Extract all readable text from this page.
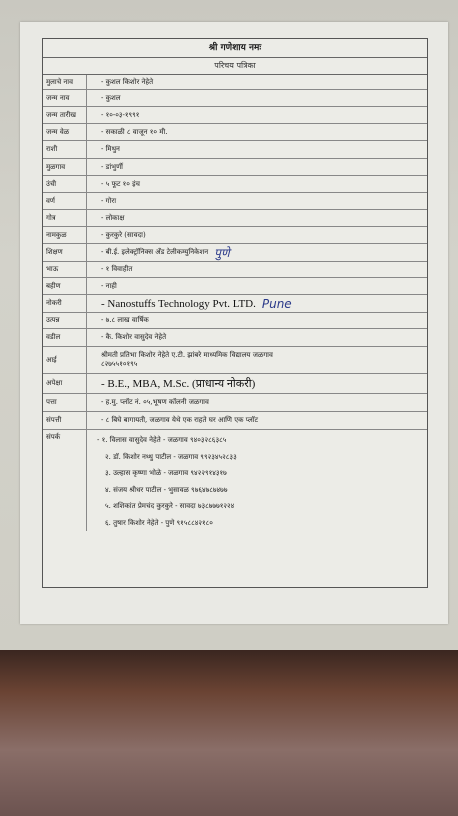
श्री गणेशाय नमः
परिचय पत्रिका
मुलाचे नाव	- कुशल किशोर नेहेते
जन्म नाव	- कुशल
जन्म तारीख	- १०-०३-१९९१
जन्म वेळ	- सकाळी ८ वाजून १० मी.
राशी	- मिथुन
मुळगाव	- डांभुर्णी
उंची	- ५ फूट १० इंच
वर्ण	- गोरा
गोत्र	- लोकाक्ष
नामकुळ	- कुरकुरे (सावदा)
शिक्षण	- बी.ई. इलेक्ट्रॉनिक्स अँड टेलीकम्युनिकेशन पुणे
भाऊ	- १ विवाहीत
बहीण	- नाही
नोकरी	- Nanostuffs Technology Pvt. LTD. Pune
उत्पन्न	- ७.८ लाख वार्षिक
वडील	- कै. किशोर वासुदेव नेहेते
आई
श्रीमती प्रतिभा किशोर नेहेते ए.टी. झांबरे माध्यमिक विद्यालय जळगाव
८२७५५१०१९५
अपेक्षा	- B.E., MBA, M.Sc. (प्राधान्य नोकरी)
पत्ता	- ह.मु. प्लॉट नं. ०५,भूषण कॉलनी जळगाव
संपत्ती	- ८ बिघे बागायती, जळगाव येथे एक राहते घर आणि एक प्लॉट
संपर्क	- १. विलास वासुदेव नेहेते - जळगाव ९४०३२८६३८५
२. डॉ. किशोर नथ्थु पाटील - जळगाव ९९२३४५२८३३
३. उल्हास कृष्णा भोळे - जळगाव ९४२२९१४३१७
४. संजय श्रीधर पाटील - भुसावळ ९७६४७८७४७७
५. शशिकांत प्रेमचंद कुरकुरे - सावदा ७३८७७७१२२४
६. तुषार किशोर नेहेते - पुणे ९१५८८४२१८०
